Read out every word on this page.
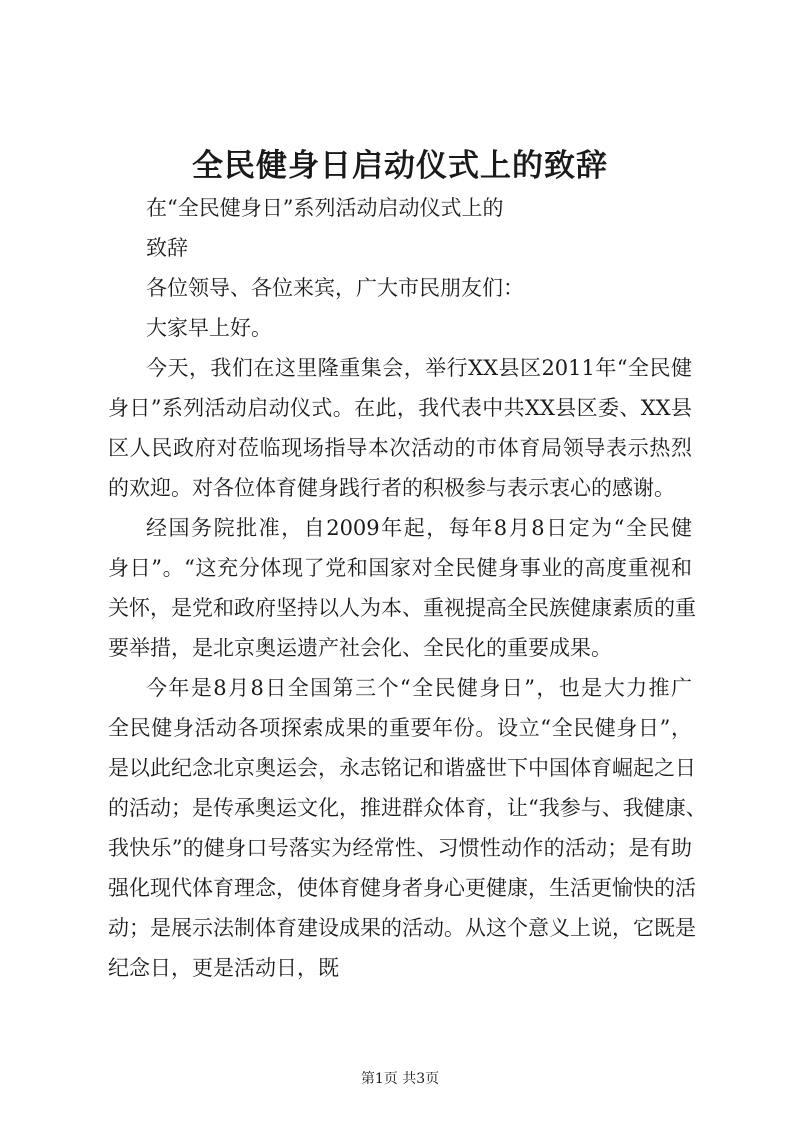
全民健身日启动仪式上的致辞
在“全民健身日”系列活动启动仪式上的
致辞
各位领导、各位来宾，广大市民朋友们：
大家早上好。
今天，我们在这里隆重集会，举行XX县区2011年“全民健
身日”系列活动启动仪式。在此，我代表中共XX县区委、XX县
区人民政府对莅临现场指导本次活动的市体育局领导表示热烈
的欢迎。对各位体育健身践行者的积极参与表示衷心的感谢。
经国务院批准，自2009年起，每年8月8日定为“全民健
身日”。“这充分体现了党和国家对全民健身事业的高度重视和
关怀，是党和政府坚持以人为本、重视提高全民族健康素质的重
要举措，是北京奥运遗产社会化、全民化的重要成果。
今年是8月8日全国第三个“全民健身日”，也是大力推广
全民健身活动各项探索成果的重要年份。设立“全民健身日”，
是以此纪念北京奥运会，永志铭记和谐盛世下中国体育崛起之日
的活动；是传承奥运文化，推进群众体育，让“我参与、我健康、
我快乐”的健身口号落实为经常性、习惯性动作的活动；是有助
强化现代体育理念，使体育健身者身心更健康，生活更愉快的活
动；是展示法制体育建设成果的活动。从这个意义上说，它既是
纪念日，更是活动日，既
第1页 共3页
